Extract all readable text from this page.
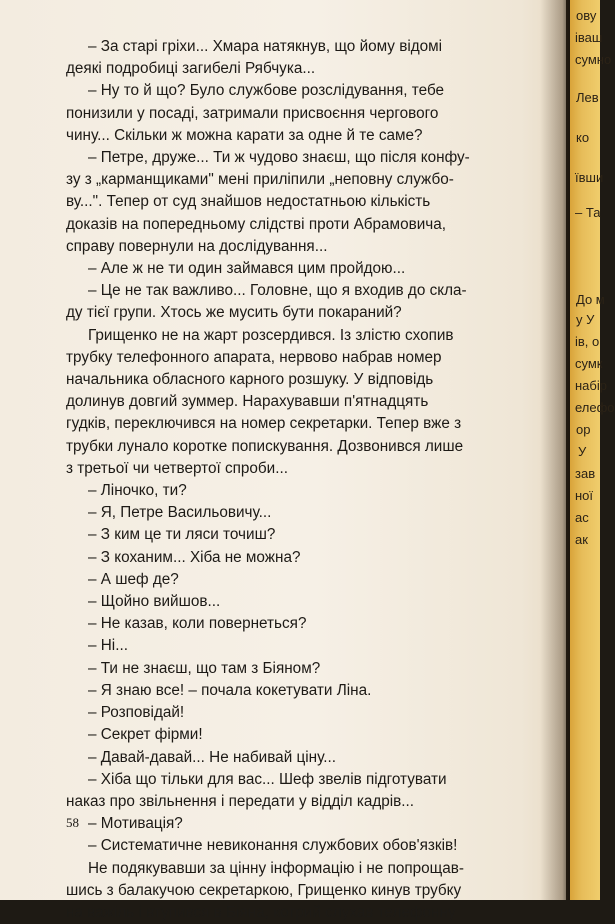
– За старі гріхи... Хмара натякнув, що йому відомі

деякі подробиці загибелі Рябчука...

– Ну то й що? Було службове розслідування, тебе

понизили у посаді, затримали присвоєння чергового

чину... Скільки ж можна карати за одне й те саме?

– Петре, друже... Ти ж чудово знаєш, що після конфу-

зу з „карманщиками" мені приліпили „неповну службо-

ву...". Тепер от суд знайшов недостатньою кількість

доказів на попередньому слідстві проти Абрамовича,

справу повернули на дослідування...

– Але ж не ти один займався цим пройдою...

– Це не так важливо... Головне, що я входив до скла-

ду тієї групи. Хтось же мусить бути покараний?

Грищенко не на жарт розсердився. Із злістю схопив

трубку телефонного апарата, нервово набрав номер

начальника обласного карного розшуку. У відповідь

долинув довгий зуммер. Нарахувавши п'ятнадцять

гудків, переключився на номер секретарки. Тепер вже з

трубки лунало коротке попискування. Дозвонився лише

з третьої чи четвертої спроби...

– Ліночко, ти?

– Я, Петре Васильовичу...

– З ким це ти ляси точиш?

– З коханим... Хіба не можна?

– А шеф де?

– Щойно вийшов...

– Не казав, коли повернеться?

– Ні...

– Ти не знаєш, що там з Біяном?

– Я знаю все! – почала кокетувати Ліна.

– Розповідай!

– Секрет фірми!

– Давай-давай... Не набивай ціну...

– Хіба що тільки для вас... Шеф звелів підготувати

наказ про звільнення і передати у відділ кадрів...

– Мотивація?

– Систематичне невиконання службових обов'язків!

Не подякувавши за цінну інформацію і не попрощав-

шись з балакучою секретаркою, Грищенко кинув трубку

на важіль і втупився в Біяна, котрий слухав телефонну

58
ову
іваш
сумно
Лев
ко
ївши
– Та
До м
у У
ів, о
сумк
набір
елефо
ор
У
зав
ної
ас
ак
